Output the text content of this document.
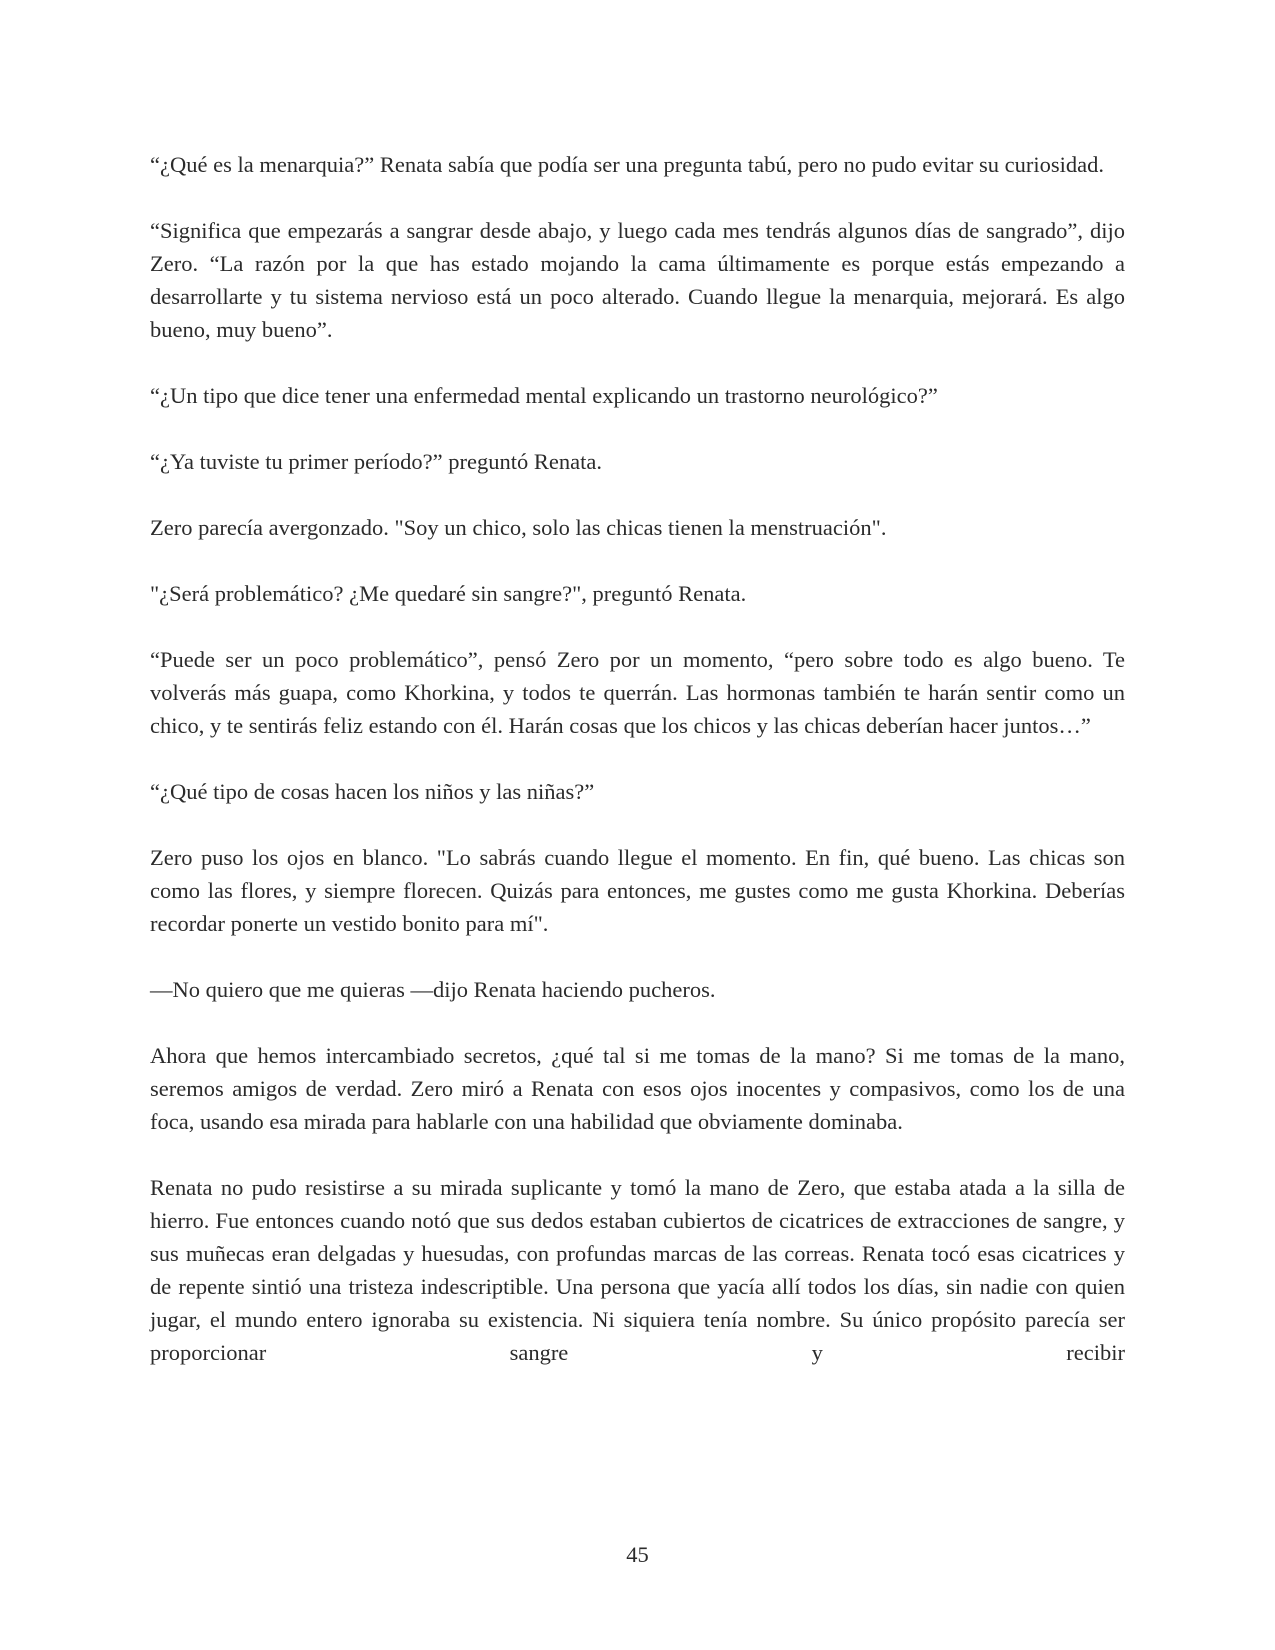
“¿Qué es la menarquia?” Renata sabía que podía ser una pregunta tabú, pero no pudo evitar su curiosidad.

“Significa que empezarás a sangrar desde abajo, y luego cada mes tendrás algunos días de sangrado”, dijo Zero. “La razón por la que has estado mojando la cama últimamente es porque estás empezando a desarrollarte y tu sistema nervioso está un poco alterado. Cuando llegue la menarquia, mejorará. Es algo bueno, muy bueno”.

“¿Un tipo que dice tener una enfermedad mental explicando un trastorno neurológico?”

“¿Ya tuviste tu primer período?” preguntó Renata.

Zero parecía avergonzado. "Soy un chico, solo las chicas tienen la menstruación".

"¿Será problemático? ¿Me quedaré sin sangre?", preguntó Renata.

“Puede ser un poco problemático”, pensó Zero por un momento, “pero sobre todo es algo bueno. Te volverás más guapa, como Khorkina, y todos te querrán. Las hormonas también te harán sentir como un chico, y te sentirás feliz estando con él. Harán cosas que los chicos y las chicas deberían hacer juntos…”

“¿Qué tipo de cosas hacen los niños y las niñas?”

Zero puso los ojos en blanco. "Lo sabrás cuando llegue el momento. En fin, qué bueno. Las chicas son como las flores, y siempre florecen. Quizás para entonces, me gustes como me gusta Khorkina. Deberías recordar ponerte un vestido bonito para mí".

—No quiero que me quieras —dijo Renata haciendo pucheros.

Ahora que hemos intercambiado secretos, ¿qué tal si me tomas de la mano? Si me tomas de la mano, seremos amigos de verdad. Zero miró a Renata con esos ojos inocentes y compasivos, como los de una foca, usando esa mirada para hablarle con una habilidad que obviamente dominaba.

Renata no pudo resistirse a su mirada suplicante y tomó la mano de Zero, que estaba atada a la silla de hierro. Fue entonces cuando notó que sus dedos estaban cubiertos de cicatrices de extracciones de sangre, y sus muñecas eran delgadas y huesudas, con profundas marcas de las correas. Renata tocó esas cicatrices y de repente sintió una tristeza indescriptible. Una persona que yacía allí todos los días, sin nadie con quien jugar, el mundo entero ignoraba su existencia. Ni siquiera tenía nombre. Su único propósito parecía ser proporcionar sangre y recibir

45
